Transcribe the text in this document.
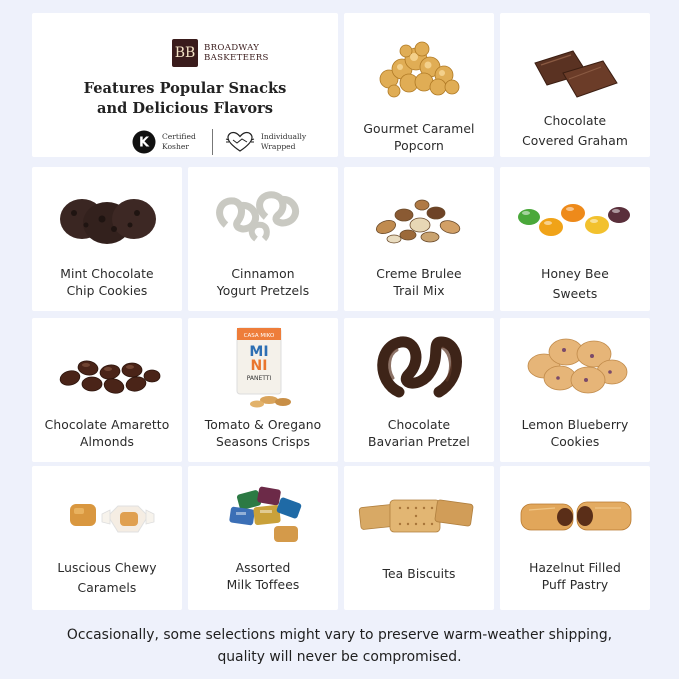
BB	BROADWAY
BASKETEERS
Features Popular Snacks
and Delicious Flavors
K Certified
Kosher
Individually
Wrapped
Gourmet Caramel
Popcorn
Chocolate
Covered Graham
Mint Chocolate
Chip Cookies
Cinnamon
Yogurt Pretzels
Creme Brulee
Trail Mix
Honey Bee
Sweets
Chocolate Amaretto
Almonds
CASA MIKO
MI
NI
PANETTI
Tomato & Oregano
Seasons Crisps
Chocolate
Bavarian Pretzel
Lemon Blueberry
Cookies
Luscious Chewy
Caramels
Assorted
Milk Toffees
Tea Biscuits	Hazelnut Filled
Puff Pastry
Occasionally, some selections might vary to preserve warm-weather shipping,
quality will never be compromised.
